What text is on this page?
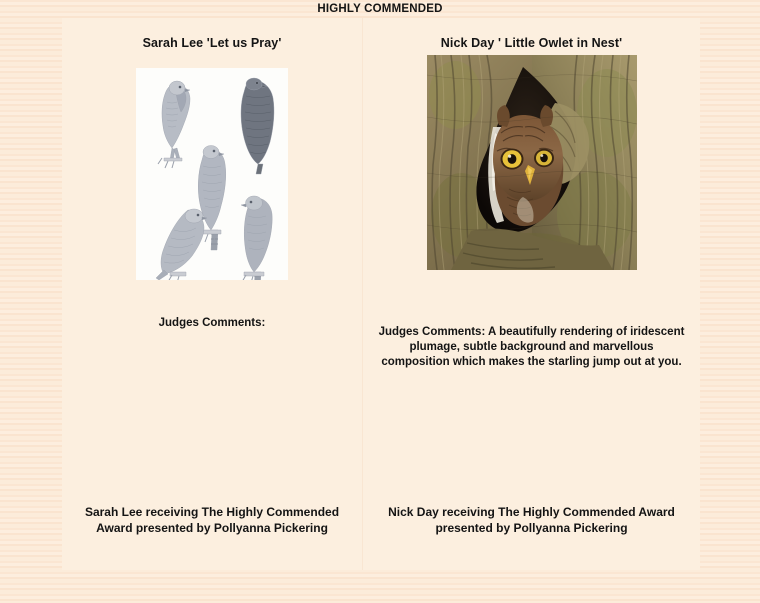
HIGHLY COMMENDED
Sarah Lee 'Let us Pray'
Judges Comments:
Sarah Lee receiving The Highly Commended Award presented by Pollyanna Pickering
Nick Day ' Little Owlet in Nest'
Judges Comments: A beautifully rendering of iridescent plumage, subtle background and marvellous composition which makes the starling jump out at you.
Nick Day receiving The Highly Commended Award presented by Pollyanna Pickering
